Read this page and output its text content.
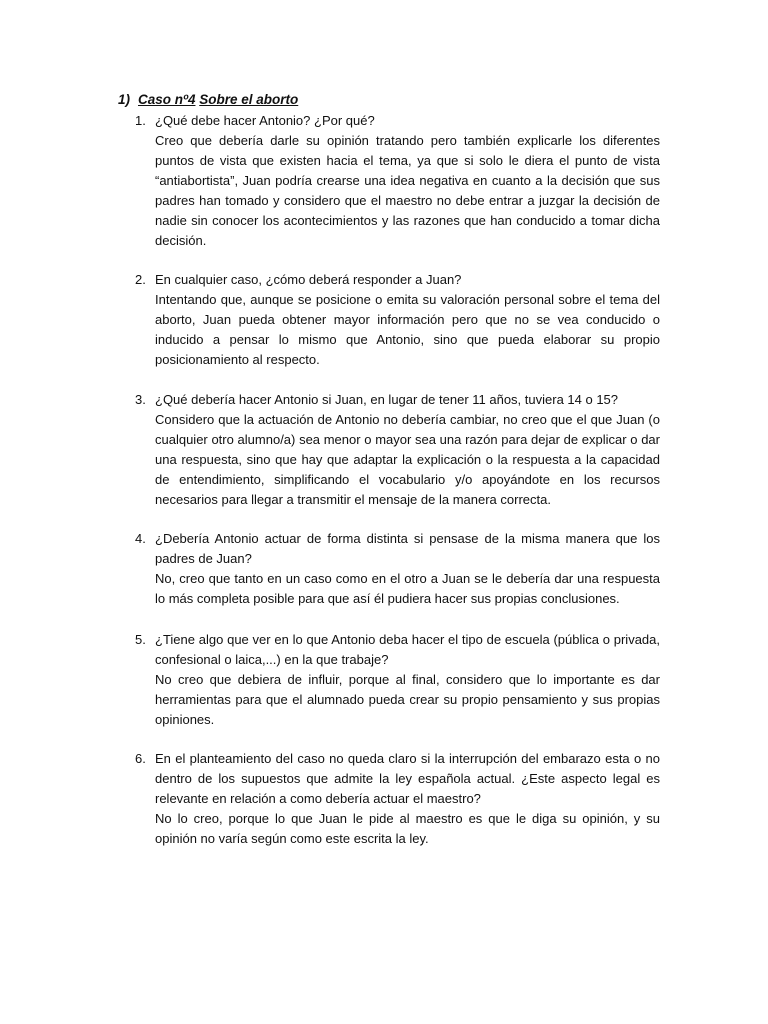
1) Caso nº4 Sobre el aborto
1. ¿Qué debe hacer Antonio? ¿Por qué?
Creo que debería darle su opinión tratando pero también explicarle los diferentes puntos de vista que existen hacia el tema, ya que si solo le diera el punto de vista “antiabortista”, Juan podría crearse una idea negativa en cuanto a la decisión que sus padres han tomado y considero que el maestro no debe entrar a juzgar la decisión de nadie sin conocer los acontecimientos y las razones que han conducido a tomar dicha decisión.
2. En cualquier caso, ¿cómo deberá responder a Juan?
Intentando que, aunque se posicione o emita su valoración personal sobre el tema del aborto, Juan pueda obtener mayor información pero que no se vea conducido o inducido a pensar lo mismo que Antonio, sino que pueda elaborar su propio posicionamiento al respecto.
3. ¿Qué debería hacer Antonio si Juan, en lugar de tener 11 años, tuviera 14 o 15?
Considero que la actuación de Antonio no debería cambiar, no creo que el que Juan (o cualquier otro alumno/a) sea menor o mayor sea una razón para dejar de explicar o dar una respuesta, sino que hay que adaptar la explicación o la respuesta a la capacidad de entendimiento, simplificando el vocabulario y/o apoyándote en los recursos necesarios para llegar a transmitir el mensaje de la manera correcta.
4. ¿Debería Antonio actuar de forma distinta si pensase de la misma manera que los padres de Juan?
No, creo que tanto en un caso como en el otro a Juan se le debería dar una respuesta lo más completa posible para que así él pudiera hacer sus propias conclusiones.
5. ¿Tiene algo que ver en lo que Antonio deba hacer el tipo de escuela (pública o privada, confesional o laica,...) en la que trabaje?
No creo que debiera de influir, porque al final, considero que lo importante es dar herramientas para que el alumnado pueda crear su propio pensamiento y sus propias opiniones.
6. En el planteamiento del caso no queda claro si la interrupción del embarazo esta o no dentro de los supuestos que admite la ley española actual. ¿Este aspecto legal es relevante en relación a como debería actuar el maestro?
No lo creo, porque lo que Juan le pide al maestro es que le diga su opinión, y su opinión no varía según como este escrita la ley.
